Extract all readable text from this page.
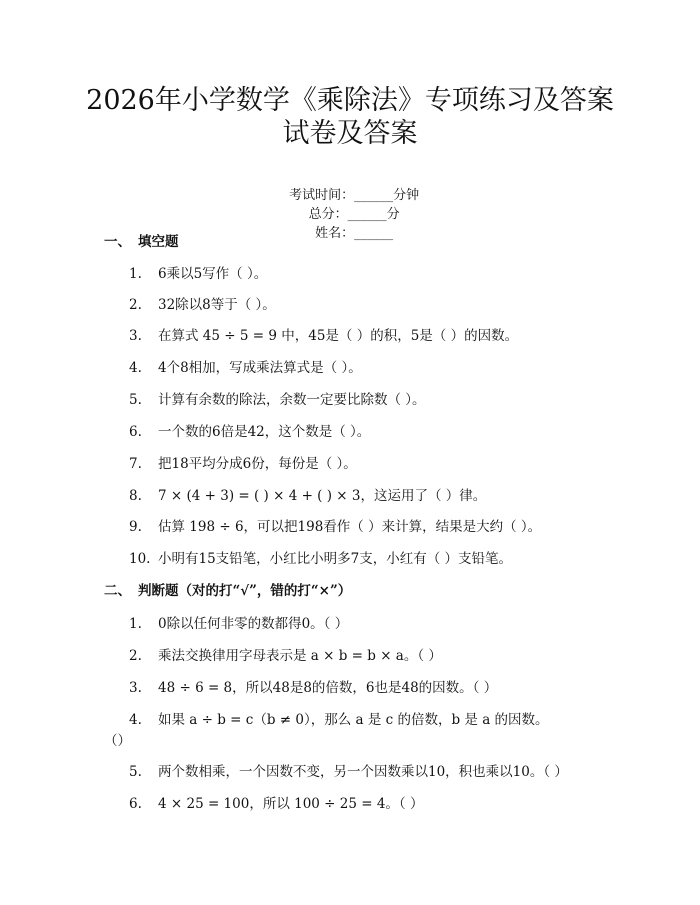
2026年小学数学《乘除法》专项练习及答案
试卷及答案

考试时间：______分钟
总分：______分
姓名：______

一、 填空题
1. 6乘以5写作（ ）。
2. 32除以8等于（ ）。
3. 在算式 45 ÷ 5 = 9 中，45是（ ）的积，5是（ ）的因数。
4. 4个8相加，写成乘法算式是（ ）。
5. 计算有余数的除法，余数一定要比除数（ ）。
6. 一个数的6倍是42，这个数是（ ）。
7. 把18平均分成6份，每份是（ ）。
8. 7 × (4 + 3) = ( ) × 4 + ( ) × 3，这运用了（ ）律。
9. 估算 198 ÷ 6，可以把198看作（ ）来计算，结果是大约（ ）。
10. 小明有15支铅笔，小红比小明多7支，小红有（ ）支铅笔。
二、 判断题（对的打“√”，错的打“×”）
1. 0除以任何非零的数都得0。（ ）
2. 乘法交换律用字母表示是 a × b = b × a。（ ）
3. 48 ÷ 6 = 8，所以48是8的倍数，6也是48的因数。（ ）
4. 如果 a ÷ b = c（b ≠ 0），那么 a 是 c 的倍数，b 是 a 的因数。
（）
5. 两个数相乘，一个因数不变，另一个因数乘以10，积也乘以10。（ ）
6. 4 × 25 = 100，所以 100 ÷ 25 = 4。（ ）
